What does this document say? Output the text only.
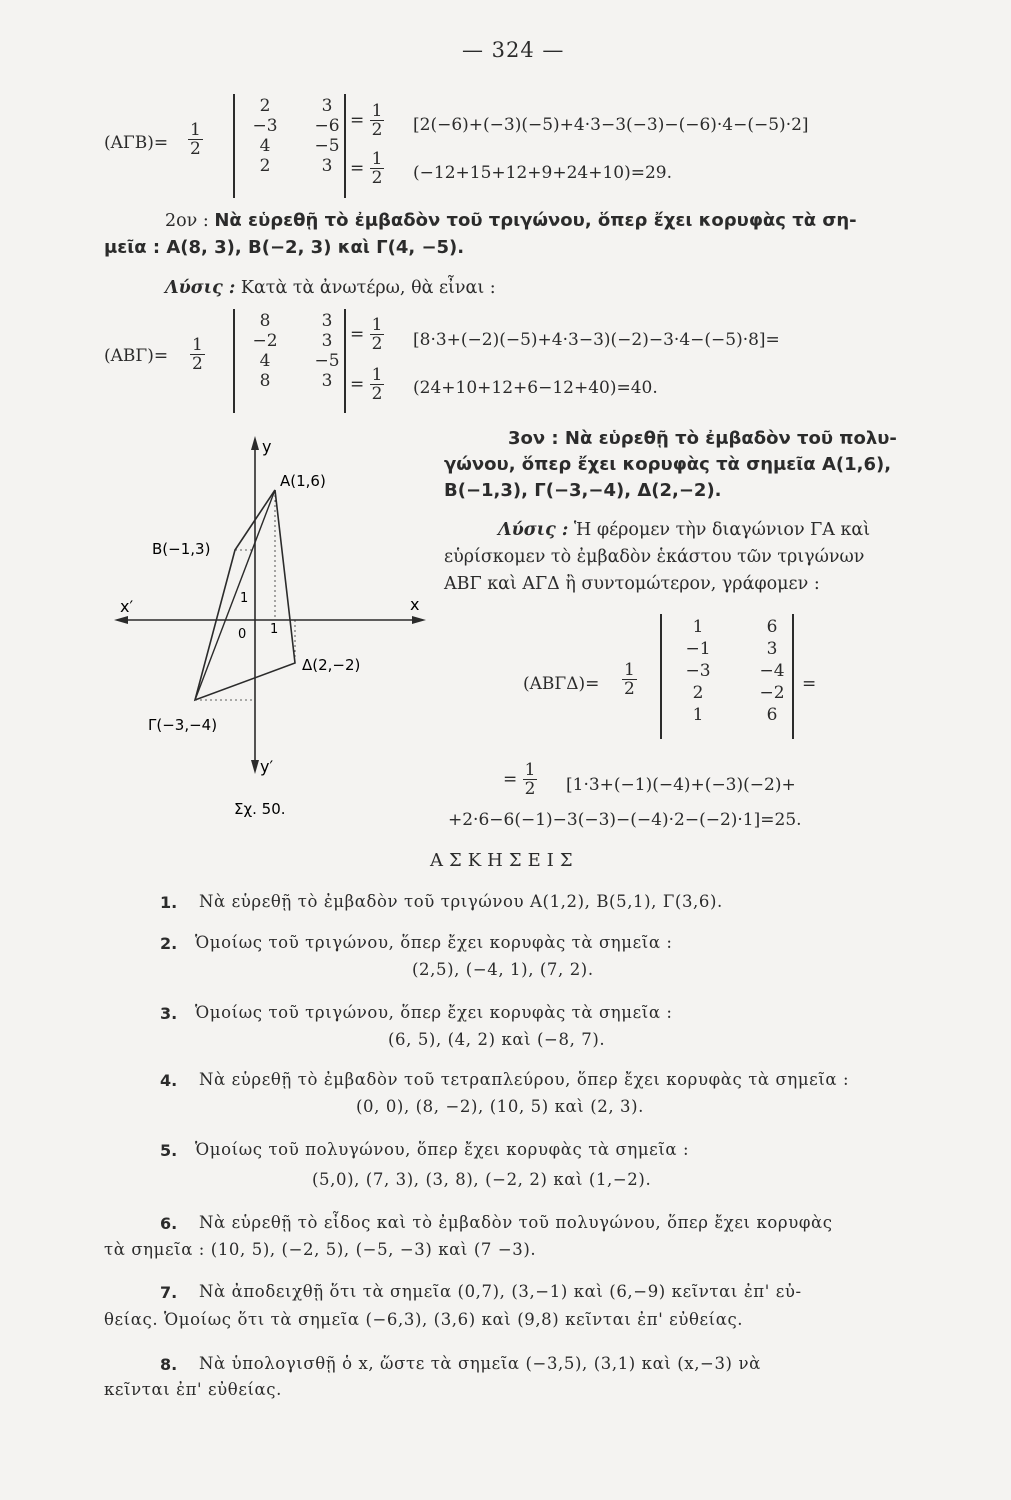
— 324 —
$(A\Gamma B)= \frac{1}{2}$
2
−3
4
2
3
−6
−5
3
= $\frac{1}{2} [2(-6)+(-3)(-5)+4\cdot 3-3(-3)-(-6)\cdot 4-(-5)\cdot 2]$
= $\frac{1}{2} (-12+15+12+9+24+10)=29$.
2ον : Νὰ εὑρεθῇ τὸ ἐμβαδὸν τοῦ τριγώνου, ὅπερ ἔχει κορυφὰς τὰ ση-
μεῖα : Α(8, 3), Β(−2, 3) καὶ Γ(4, −5).
Λύσις : Κατὰ τὰ ἀνωτέρω, θὰ εἶναι :
$(AB\Gamma)= \frac{1}{2}$
8
−2
4
8
3
3
−5
3
= $\frac{1}{2} [8\cdot 3+(-2)(-5)+4\cdot 3-3)(-2)-3\cdot 4-(-5)\cdot 8]=$
= $\frac{1}{2} (24+10+12+6-12+40)=40$.
y
y′
x
x′
0 1
1
A(1,6)
B(−1,3)
Γ(−3,−4)
Δ(2,−2)
Σχ. 50.
3ον : Νὰ εὑρεθῇ τὸ ἐμβαδὸν τοῦ πολυ-
γώνου, ὅπερ ἔχει κορυφὰς τὰ σημεῖα Α(1,6),
Β(−1,3), Γ(−3,−4), Δ(2,−2).
Λύσις : Ἡ φέρομεν τὴν διαγώνιον ΓΑ καὶ
εὑρίσκομεν τὸ ἐμβαδὸν ἑκάστου τῶν τριγώνων
ΑΒΓ καὶ ΑΓΔ ἢ συντομώτερον, γράφομεν :
$(AB\Gamma\Delta)= \frac{1}{2}$
1
−1
−3
2
1
6
3
−4
−2
6
=
= $\frac{1}{2} [1\cdot 3+(-1)(-4)+(-3)(-2)+$
+2·6−6(−1)−3(−3)−(−4)·2−(−2)·1]=25.
ΑΣΚΗΣΕΙΣ
1. Νὰ εὑρεθῇ τὸ ἐμβαδὸν τοῦ τριγώνου Α(1,2), Β(5,1), Γ(3,6).
2. Ὁμοίως τοῦ τριγώνου, ὅπερ ἔχει κορυφὰς τὰ σημεῖα :
(2,5), (−4, 1), (7, 2).
3. Ὁμοίως τοῦ τριγώνου, ὅπερ ἔχει κορυφὰς τὰ σημεῖα :
(6, 5), (4, 2) καὶ (−8, 7).
4. Νὰ εὑρεθῇ τὸ ἐμβαδὸν τοῦ τετραπλεύρου, ὅπερ ἔχει κορυφὰς τὰ σημεῖα :
(0, 0), (8, −2), (10, 5) καὶ (2, 3).
5. Ὁμοίως τοῦ πολυγώνου, ὅπερ ἔχει κορυφὰς τὰ σημεῖα :
(5,0), (7, 3), (3, 8), (−2, 2) καὶ (1,−2).
6. Νὰ εὑρεθῇ τὸ εἶδος καὶ τὸ ἐμβαδὸν τοῦ πολυγώνου, ὅπερ ἔχει κορυφὰς
τὰ σημεῖα : (10, 5), (−2, 5), (−5, −3) καὶ (7 −3).
7. Νὰ ἀποδειχθῇ ὅτι τὰ σημεῖα (0,7), (3,−1) καὶ (6,−9) κεῖνται ἐπ' εὐ-
θείας. Ὁμοίως ὅτι τὰ σημεῖα (−6,3), (3,6) καὶ (9,8) κεῖνται ἐπ' εὐθείας.
8. Νὰ ὑπολογισθῇ ὁ x, ὥστε τὰ σημεῖα (−3,5), (3,1) καὶ (x,−3) νὰ
κεῖνται ἐπ' εὐθείας.
